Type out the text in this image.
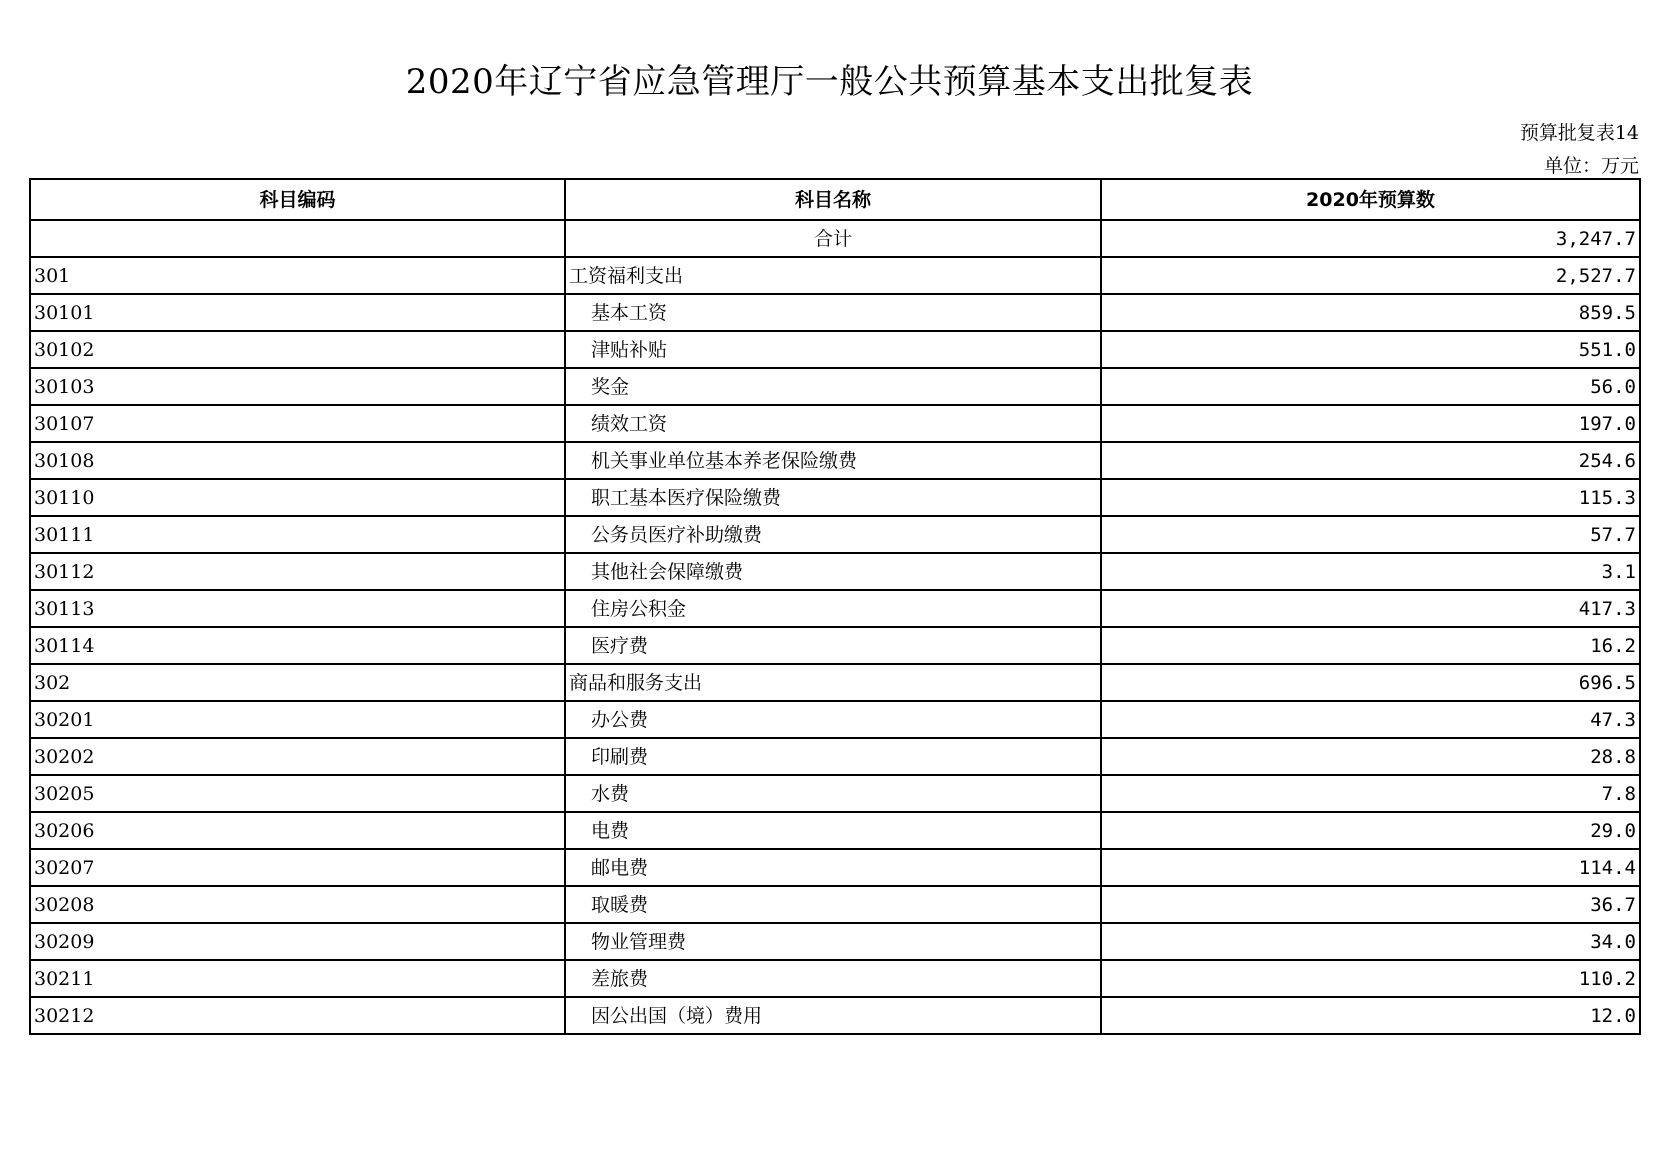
2020年辽宁省应急管理厅一般公共预算基本支出批复表
预算批复表14
单位：万元
科目编码	科目名称	2020年预算数
	合计	3,247.7
301	工资福利支出	2,527.7
30101	基本工资	859.5
30102	津贴补贴	551.0
30103	奖金	56.0
30107	绩效工资	197.0
30108	机关事业单位基本养老保险缴费	254.6
30110	职工基本医疗保险缴费	115.3
30111	公务员医疗补助缴费	57.7
30112	其他社会保障缴费	3.1
30113	住房公积金	417.3
30114	医疗费	16.2
302	商品和服务支出	696.5
30201	办公费	47.3
30202	印刷费	28.8
30205	水费	7.8
30206	电费	29.0
30207	邮电费	114.4
30208	取暖费	36.7
30209	物业管理费	34.0
30211	差旅费	110.2
30212	因公出国（境）费用	12.0
